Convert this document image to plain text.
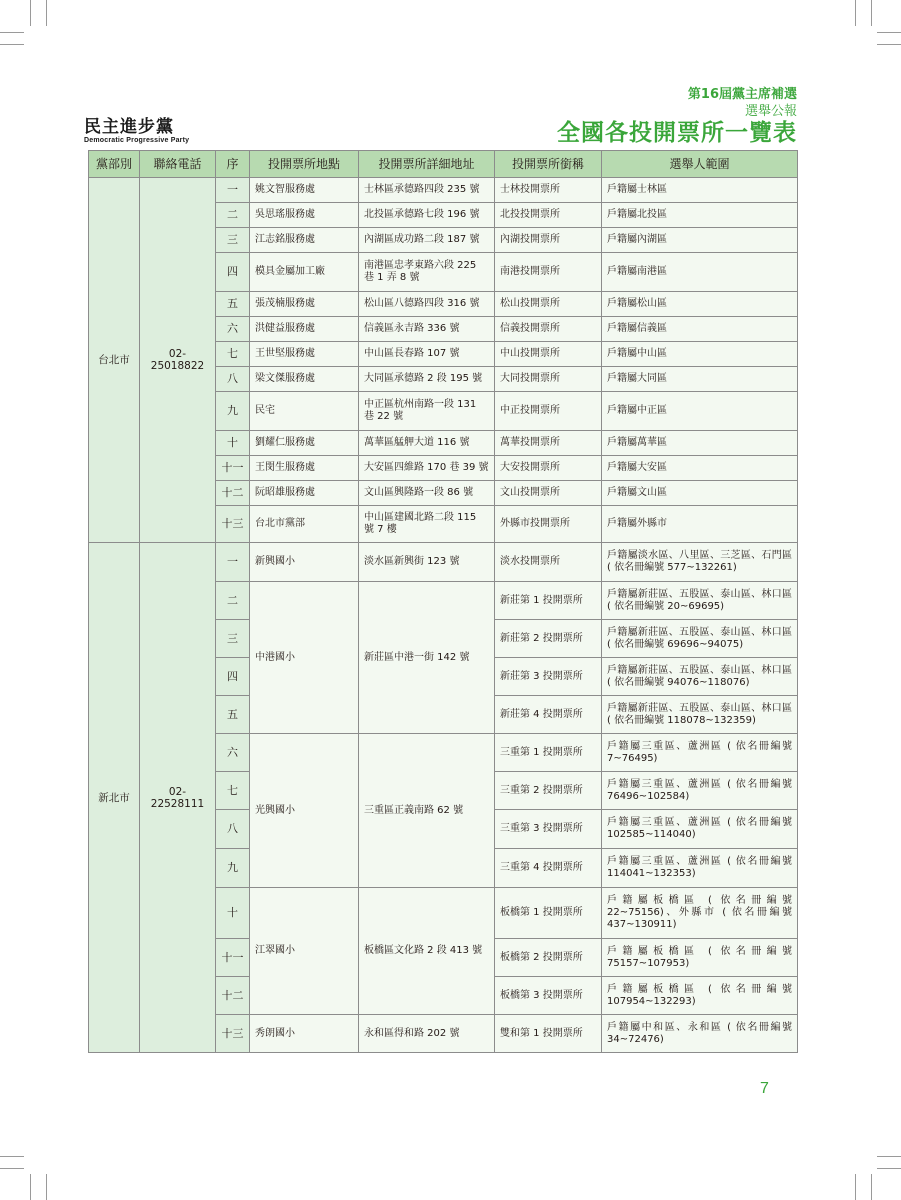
民主進步黨
Democratic Progressive Party
第16屆黨主席補選
選舉公報
全國各投開票所一覽表
黨部別	聯絡電話	序	投開票所地點	投開票所詳細地址	投開票所銜稱	選舉人範圍
台北市	02-25018822	一	姚文智服務處	士林區承德路四段 235 號	士林投開票所	戶籍屬士林區
		二	吳思瑤服務處	北投區承德路七段 196 號	北投投開票所	戶籍屬北投區
		三	江志銘服務處	內湖區成功路二段 187 號	內湖投開票所	戶籍屬內湖區
		四	模具金屬加工廠	南港區忠孝東路六段 225 巷 1 弄 8 號	南港投開票所	戶籍屬南港區
		五	張茂楠服務處	松山區八德路四段 316 號	松山投開票所	戶籍屬松山區
		六	洪健益服務處	信義區永吉路 336 號	信義投開票所	戶籍屬信義區
		七	王世堅服務處	中山區長春路 107 號	中山投開票所	戶籍屬中山區
		八	梁文傑服務處	大同區承德路 2 段 195 號	大同投開票所	戶籍屬大同區
		九	民宅	中正區杭州南路一段 131 巷 22 號	中正投開票所	戶籍屬中正區
		十	劉耀仁服務處	萬華區艋舺大道 116 號	萬華投開票所	戶籍屬萬華區
		十一	王閔生服務處	大安區四維路 170 巷 39 號	大安投開票所	戶籍屬大安區
		十二	阮昭雄服務處	文山區興隆路一段 86 號	文山投開票所	戶籍屬文山區
		十三	台北市黨部	中山區建國北路二段 115 號 7 樓	外縣市投開票所	戶籍屬外縣市
新北市	02-22528111	一	新興國小	淡水區新興街 123 號	淡水投開票所	戶籍屬淡水區、八里區、三芝區、石門區 ( 依名冊編號 577~132261)
		二	中港國小	新莊區中港一街 142 號	新莊第 1 投開票所	戶籍屬新莊區、五股區、泰山區、林口區 ( 依名冊編號 20~69695)
		三			新莊第 2 投開票所	戶籍屬新莊區、五股區、泰山區、林口區 ( 依名冊編號 69696~94075)
		四			新莊第 3 投開票所	戶籍屬新莊區、五股區、泰山區、林口區 ( 依名冊編號 94076~118076)
		五			新莊第 4 投開票所	戶籍屬新莊區、五股區、泰山區、林口區 ( 依名冊編號 118078~132359)
		六	光興國小	三重區正義南路 62 號	三重第 1 投開票所	戶籍屬三重區、蘆洲區 ( 依名冊編號 7~76495)
		七			三重第 2 投開票所	戶籍屬三重區、蘆洲區 ( 依名冊編號 76496~102584)
		八			三重第 3 投開票所	戶籍屬三重區、蘆洲區 ( 依名冊編號 102585~114040)
		九			三重第 4 投開票所	戶籍屬三重區、蘆洲區 ( 依名冊編號 114041~132353)
		十	江翠國小	板橋區文化路 2 段 413 號	板橋第 1 投開票所	戶籍屬板橋區 ( 依名冊編號 22~75156)、外縣市 ( 依名冊編號 437~130911)
		十一			板橋第 2 投開票所	戶籍屬板橋區 ( 依名冊編號 75157~107953)
		十二			板橋第 3 投開票所	戶籍屬板橋區 ( 依名冊編號 107954~132293)
		十三	秀朗國小	永和區得和路 202 號	雙和第 1 投開票所	戶籍屬中和區、永和區 ( 依名冊編號 34~72476)
7
